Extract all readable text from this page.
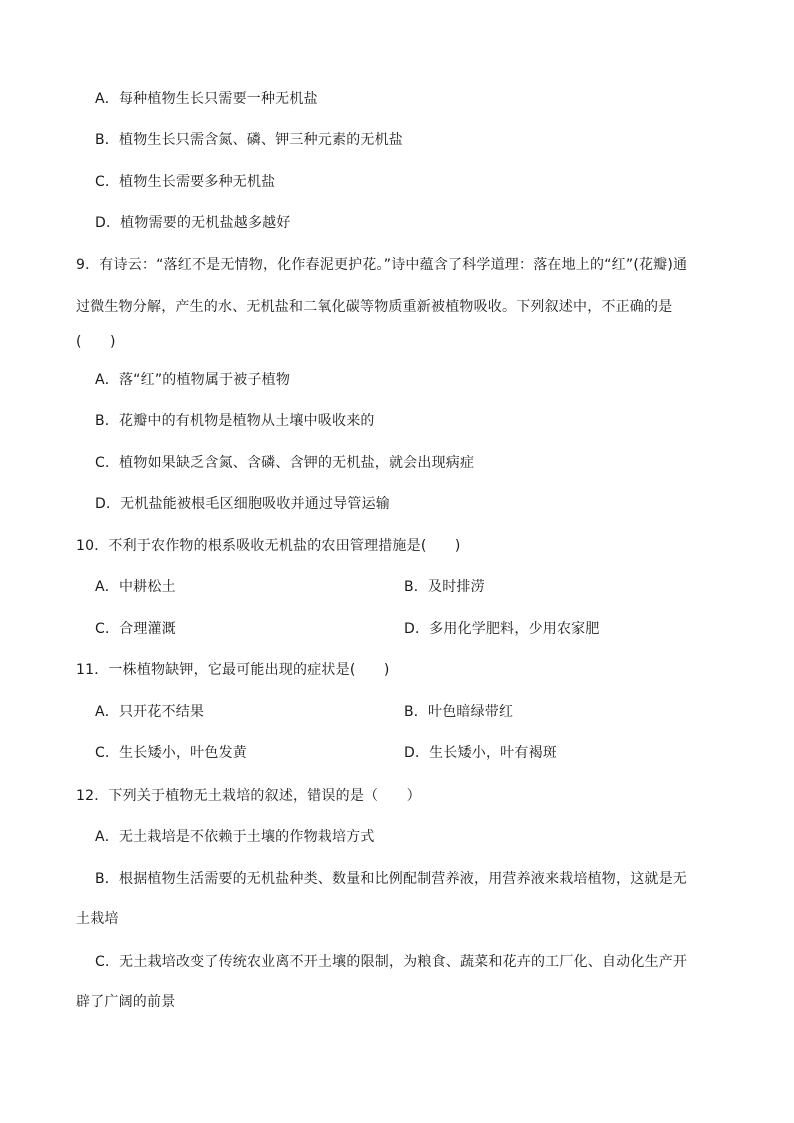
A．每种植物生长只需要一种无机盐
B．植物生长只需含氮、磷、钾三种元素的无机盐
C．植物生长需要多种无机盐
D．植物需要的无机盐越多越好
9．有诗云：“落红不是无情物，化作春泥更护花。”诗中蕴含了科学道理：落在地上的“红”(花瓣)通
过微生物分解，产生的水、无机盐和二氧化碳等物质重新被植物吸收。下列叙述中，不正确的是
(　　)
A．落“红”的植物属于被子植物
B．花瓣中的有机物是植物从土壤中吸收来的
C．植物如果缺乏含氮、含磷、含钾的无机盐，就会出现病症
D．无机盐能被根毛区细胞吸收并通过导管运输
10．不利于农作物的根系吸收无机盐的农田管理措施是(　　)
A．中耕松土	B．及时排涝
C．合理灌溉	D．多用化学肥料，少用农家肥
11．一株植物缺钾，它最可能出现的症状是(　　)
A．只开花不结果	B．叶色暗绿带红
C．生长矮小，叶色发黄	D．生长矮小，叶有褐斑
12．下列关于植物无土栽培的叙述，错误的是（　　）
A．无土栽培是不依赖于土壤的作物栽培方式
B．根据植物生活需要的无机盐种类、数量和比例配制营养液，用营养液来栽培植物，这就是无
土栽培
C．无土栽培改变了传统农业离不开土壤的限制，为粮食、蔬菜和花卉的工厂化、自动化生产开
辟了广阔的前景
